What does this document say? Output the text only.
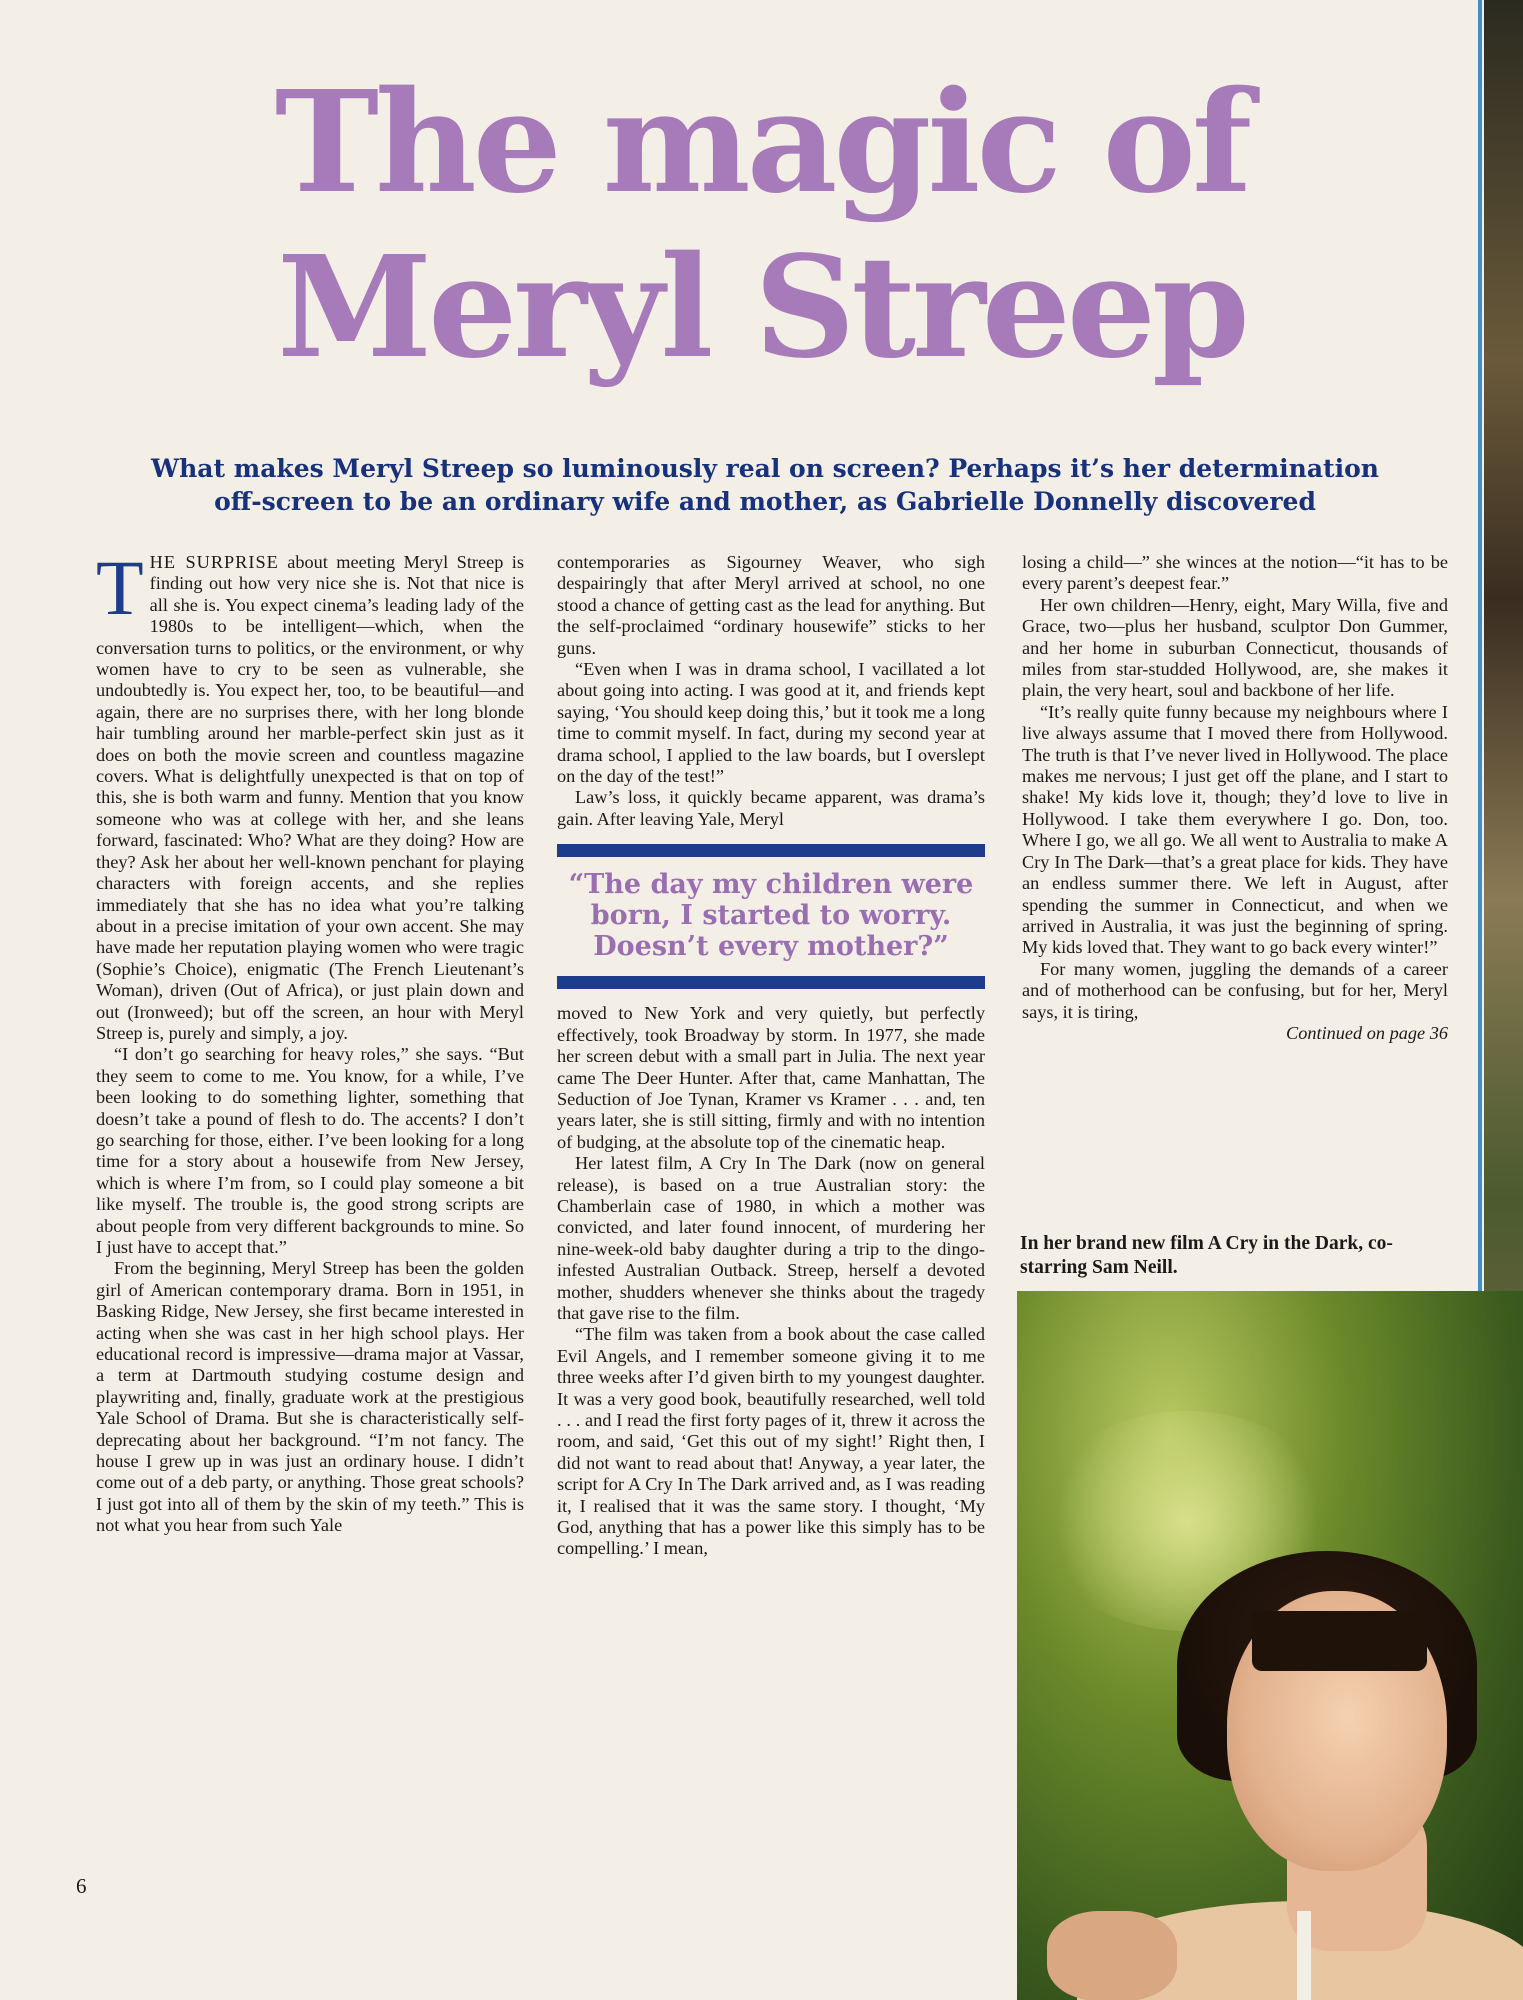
The magic of
Meryl Streep
What makes Meryl Streep so luminously real on screen? Perhaps it’s her determination
off-screen to be an ordinary wife and mother, as Gabrielle Donnelly discovered

THE SURPRISE about meeting Meryl Streep is finding out how very nice she is. Not that nice is all she is. You expect cinema’s leading lady of the 1980s to be intelligent—which, when the conversation turns to politics, or the environment, or why women have to cry to be seen as vulnerable, she undoubtedly is. You expect her, too, to be beautiful—and again, there are no surprises there, with her long blonde hair tumbling around her marble-perfect skin just as it does on both the movie screen and countless magazine covers. What is delightfully unexpected is that on top of this, she is both warm and funny. Mention that you know someone who was at college with her, and she leans forward, fascinated: Who? What are they doing? How are they? Ask her about her well-known penchant for playing characters with foreign accents, and she replies immediately that she has no idea what you’re talking about in a precise imitation of your own accent. She may have made her reputation playing women who were tragic (Sophie’s Choice), enigmatic (The French Lieutenant’s Woman), driven (Out of Africa), or just plain down and out (Ironweed); but off the screen, an hour with Meryl Streep is, purely and simply, a joy.

“I don’t go searching for heavy roles,” she says. “But they seem to come to me. You know, for a while, I’ve been looking to do something lighter, something that doesn’t take a pound of flesh to do. The accents? I don’t go searching for those, either. I’ve been looking for a long time for a story about a housewife from New Jersey, which is where I’m from, so I could play someone a bit like myself. The trouble is, the good strong scripts are about people from very different backgrounds to mine. So I just have to accept that.”

From the beginning, Meryl Streep has been the golden girl of American contemporary drama. Born in 1951, in Basking Ridge, New Jersey, she first became interested in acting when she was cast in her high school plays. Her educational record is impressive—drama major at Vassar, a term at Dartmouth studying costume design and playwriting and, finally, graduate work at the prestigious Yale School of Drama. But she is characteristically self-deprecating about her background. “I’m not fancy. The house I grew up in was just an ordinary house. I didn’t come out of a deb party, or anything. Those great schools? I just got into all of them by the skin of my teeth.” This is not what you hear from such Yale

contemporaries as Sigourney Weaver, who sigh despairingly that after Meryl arrived at school, no one stood a chance of getting cast as the lead for anything. But the self-proclaimed “ordinary housewife” sticks to her guns.

“Even when I was in drama school, I vacillated a lot about going into acting. I was good at it, and friends kept saying, ‘You should keep doing this,’ but it took me a long time to commit myself. In fact, during my second year at drama school, I applied to the law boards, but I overslept on the day of the test!”

Law’s loss, it quickly became apparent, was drama’s gain. After leaving Yale, Meryl

“The day my children were born, I started to worry. Doesn’t every mother?”

moved to New York and very quietly, but perfectly effectively, took Broadway by storm. In 1977, she made her screen debut with a small part in Julia. The next year came The Deer Hunter. After that, came Manhattan, The Seduction of Joe Tynan, Kramer vs Kramer . . . and, ten years later, she is still sitting, firmly and with no intention of budging, at the absolute top of the cinematic heap.

Her latest film, A Cry In The Dark (now on general release), is based on a true Australian story: the Chamberlain case of 1980, in which a mother was convicted, and later found innocent, of murdering her nine-week-old baby daughter during a trip to the dingo-infested Australian Outback. Streep, herself a devoted mother, shudders whenever she thinks about the tragedy that gave rise to the film.

“The film was taken from a book about the case called Evil Angels, and I remember someone giving it to me three weeks after I’d given birth to my youngest daughter. It was a very good book, beautifully researched, well told . . . and I read the first forty pages of it, threw it across the room, and said, ‘Get this out of my sight!’ Right then, I did not want to read about that! Anyway, a year later, the script for A Cry In The Dark arrived and, as I was reading it, I realised that it was the same story. I thought, ‘My God, anything that has a power like this simply has to be compelling.’ I mean,

losing a child—” she winces at the notion—“it has to be every parent’s deepest fear.”

Her own children—Henry, eight, Mary Willa, five and Grace, two—plus her husband, sculptor Don Gummer, and her home in suburban Connecticut, thousands of miles from star-studded Hollywood, are, she makes it plain, the very heart, soul and backbone of her life.

“It’s really quite funny because my neighbours where I live always assume that I moved there from Hollywood. The truth is that I’ve never lived in Hollywood. The place makes me nervous; I just get off the plane, and I start to shake! My kids love it, though; they’d love to live in Hollywood. I take them everywhere I go. Don, too. Where I go, we all go. We all went to Australia to make A Cry In The Dark—that’s a great place for kids. They have an endless summer there. We left in August, after spending the summer in Connecticut, and when we arrived in Australia, it was just the beginning of spring. My kids loved that. They want to go back every winter!”

For many women, juggling the demands of a career and of motherhood can be confusing, but for her, Meryl says, it is tiring,

Continued on page 36

In her brand new film A Cry in the Dark, co-starring Sam Neill.

6
